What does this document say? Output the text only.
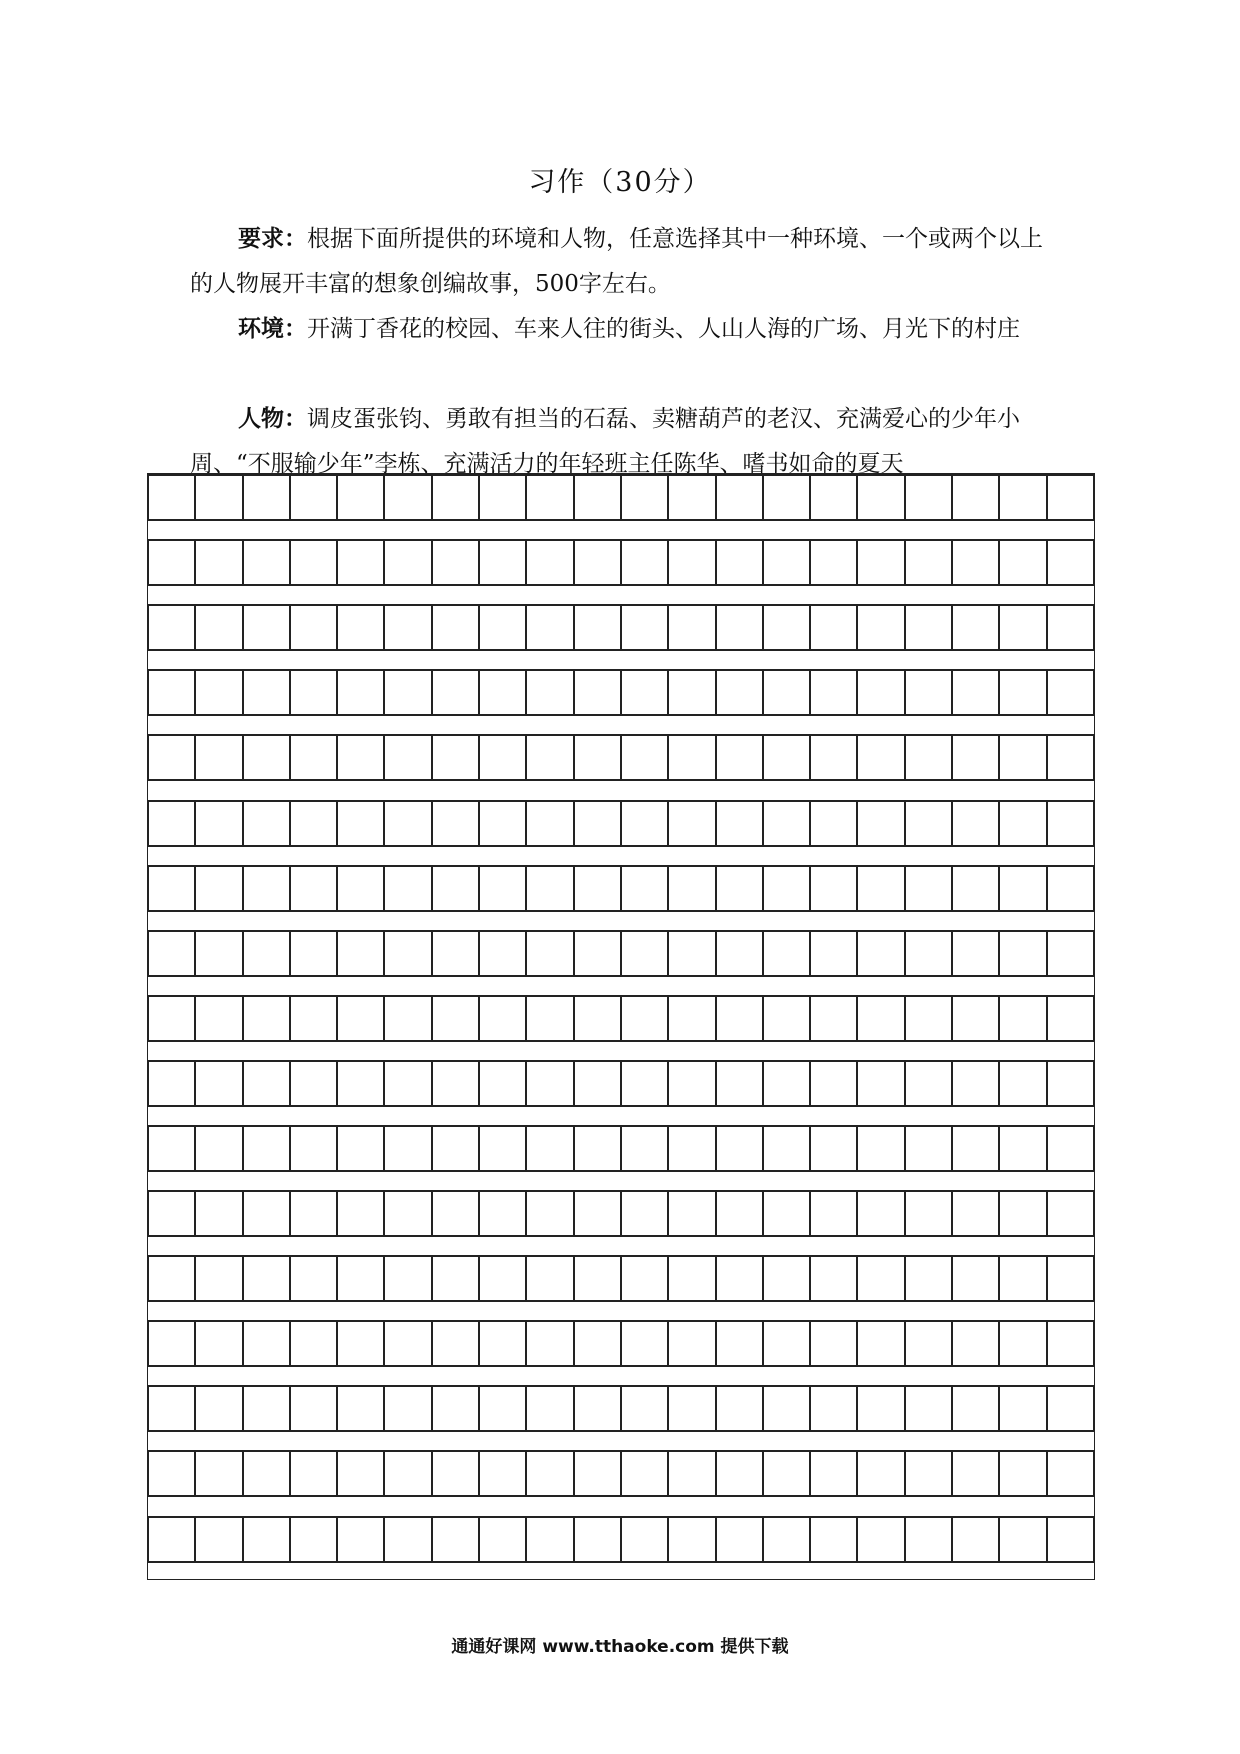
习作（30分）
要求：根据下面所提供的环境和人物，任意选择其中一种环境、一个或两个以上的人物展开丰富的想象创编故事，500字左右。
环境：开满丁香花的校园、车来人往的街头、人山人海的广场、月光下的村庄
人物：调皮蛋张钧、勇敢有担当的石磊、卖糖葫芦的老汉、充满爱心的少年小周、“不服输少年”李栋、充满活力的年轻班主任陈华、嗜书如命的夏天
通通好课网 www.tthaoke.com 提供下载
